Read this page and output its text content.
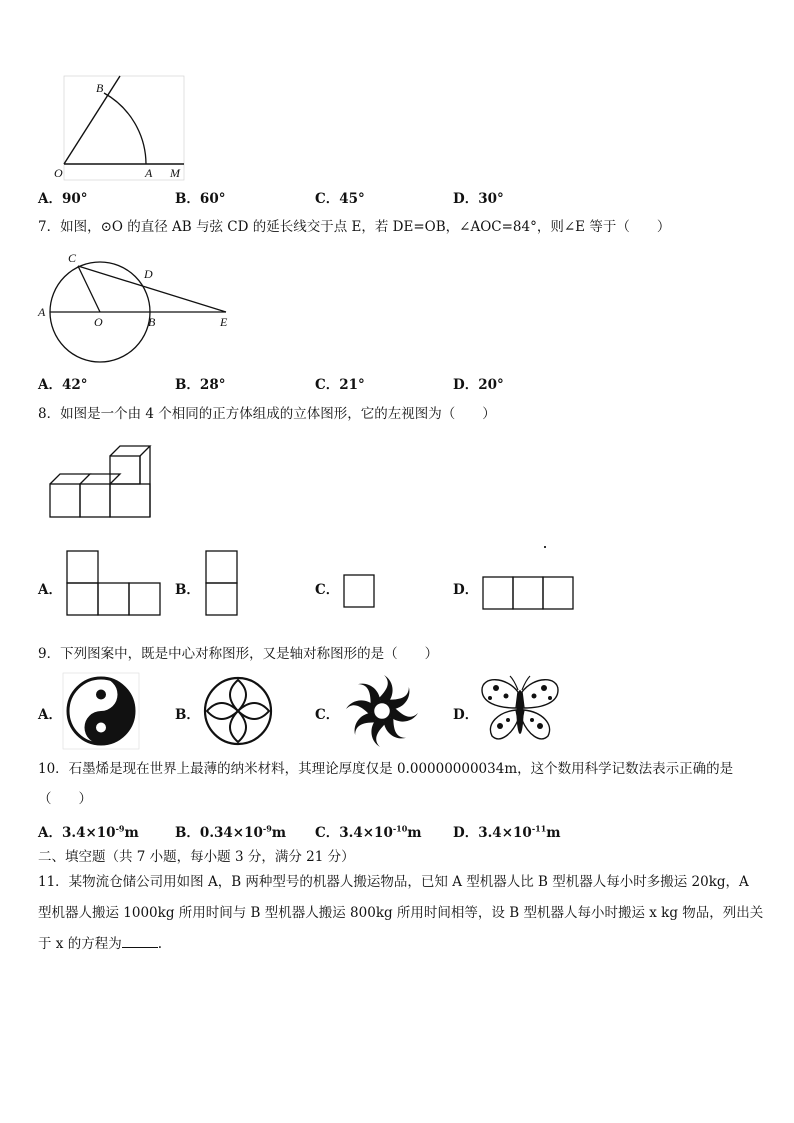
B
O	A M
A．90°	B．60°	C．45°	D．30°
7．如图，⊙O 的直径 AB 与弦 CD 的延长线交于点 E，若 DE=OB，∠AOC=84°，则∠E 等于（　　）
C
D
A
O	B	E
A．42°	B．28°	C．21°	D．20°
8．如图是一个由 4 个相同的正方体组成的立体图形，它的左视图为（　　）
A．	B．	C．	D．
9．下列图案中，既是中心对称图形，又是轴对称图形的是（　　）
A．	B．	C．	D．
10．石墨烯是现在世界上最薄的纳米材料，其理论厚度仅是 0.00000000034m，这个数用科学记数法表示正确的是
（　　）
A．$3.4\times 10^{-9}m$	B．$0.34\times 10^{-9}m$ C．$3.4\times 10^{-10}m$ D．$3.4\times 10^{-11}m$
二、填空题（共 7 小题，每小题 3 分，满分 21 分）
11．某物流仓储公司用如图 A，B 两种型号的机器人搬运物品，已知 A 型机器人比 B 型机器人每小时多搬运 20kg，A
型机器人搬运 1000kg 所用时间与 B 型机器人搬运 800kg 所用时间相等，设 B 型机器人每小时搬运 x kg 物品，列出关
于 x 的方程为	.
